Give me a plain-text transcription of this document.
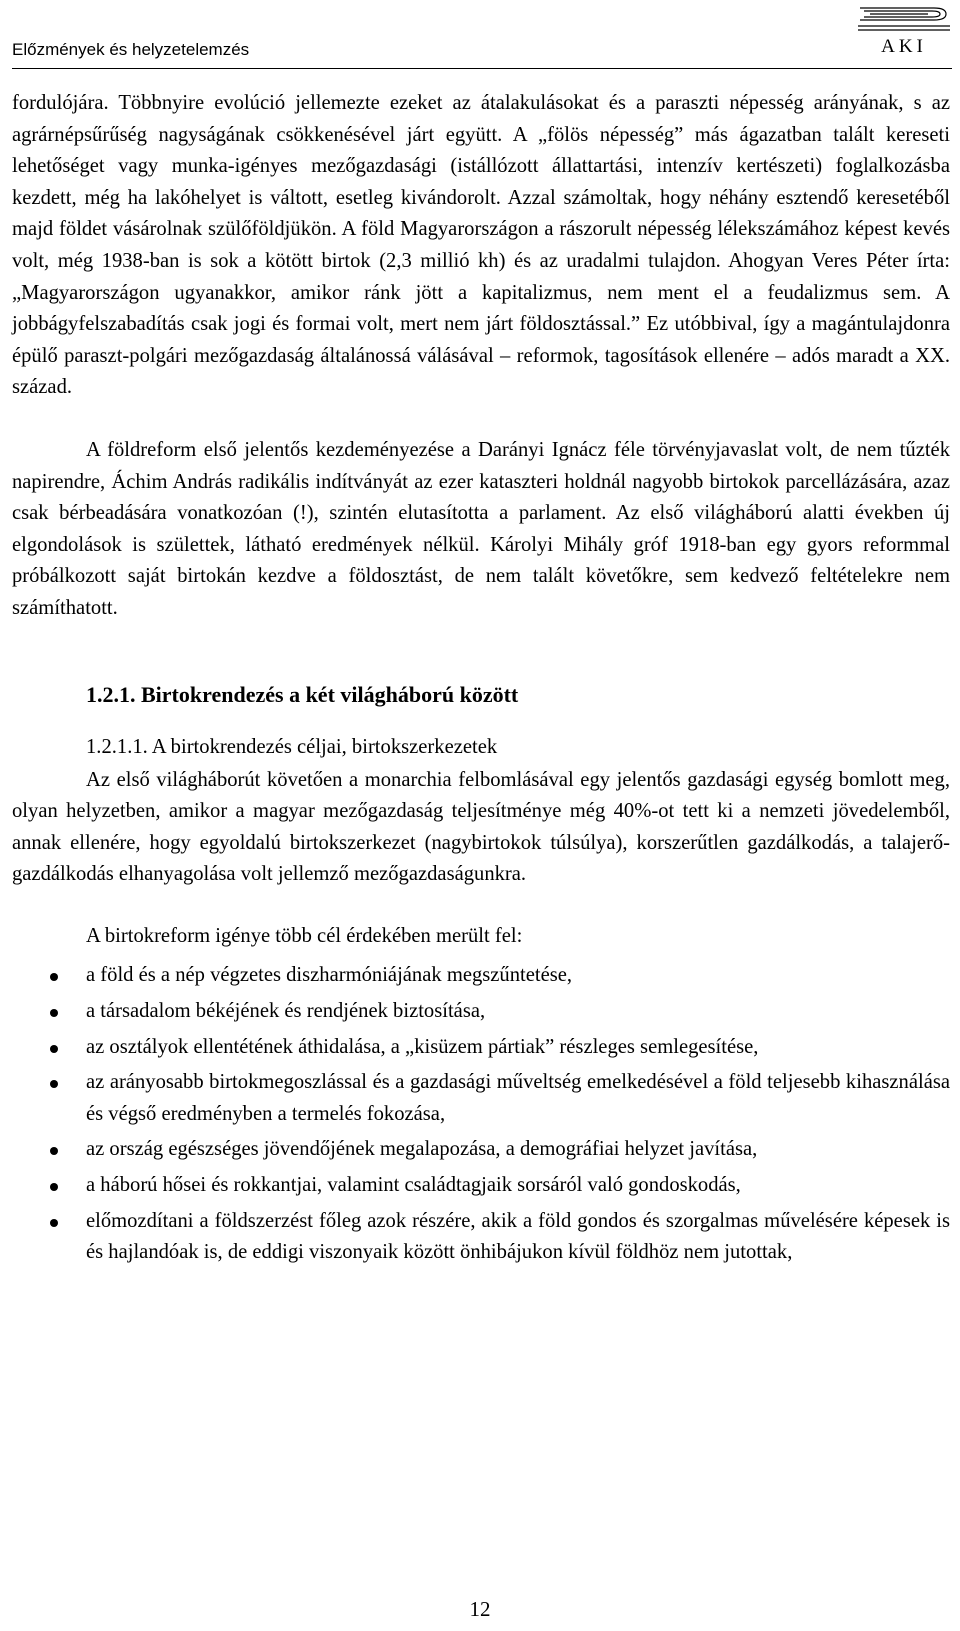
Előzmények és helyzetelemzés	AKI

fordulójára. Többnyire evolúció jellemezte ezeket az átalakulásokat és a paraszti népesség arányának, s az agrárnépsűrűség nagyságának csökkenésével járt együtt. A „fölös népesség” más ágazatban talált kereseti lehetőséget vagy munka-igényes mezőgazdasági (istállózott állattartási, intenzív kertészeti) foglalkozásba kezdett, még ha lakóhelyet is váltott, esetleg kivándorolt. Azzal számoltak, hogy néhány esztendő keresetéből majd földet vásárolnak szülőföldjükön. A föld Magyarországon a rászorult népesség lélekszámához képest kevés volt, még 1938-ban is sok a kötött birtok (2,3 millió kh) és az uradalmi tulajdon. Ahogyan Veres Péter írta: „Magyarországon ugyanakkor, amikor ránk jött a kapitalizmus, nem ment el a feudalizmus sem. A jobbágyfelszabadítás csak jogi és formai volt, mert nem járt földosztással.” Ez utóbbival, így a magántulajdonra épülő paraszt-polgári mezőgazdaság általánossá válásával – reformok, tagosítások ellenére – adós maradt a XX. század.

A földreform első jelentős kezdeményezése a Darányi Ignácz féle törvényjavaslat volt, de nem tűzték napirendre, Áchim András radikális indítványát az ezer kataszteri holdnál nagyobb birtokok parcellázására, azaz csak bérbeadására vonatkozóan (!), szintén elutasította a parlament. Az első világháború alatti években új elgondolások is születtek, látható eredmények nélkül. Károlyi Mihály gróf 1918-ban egy gyors reformmal próbálkozott saját birtokán kezdve a földosztást, de nem talált követőkre, sem kedvező feltételekre nem számíthatott.

1.2.1. Birtokrendezés a két világháború között
1.2.1.1. A birtokrendezés céljai, birtokszerkezetek

Az első világháborút követően a monarchia felbomlásával egy jelentős gazdasági egység bomlott meg, olyan helyzetben, amikor a magyar mezőgazdaság teljesítménye még 40%-ot tett ki a nemzeti jövedelemből, annak ellenére, hogy egyoldalú birtokszerkezet (nagybirtokok túlsúlya), korszerűtlen gazdálkodás, a talajerő-gazdálkodás elhanyagolása volt jellemző mezőgazdaságunkra.

A birtokreform igénye több cél érdekében merült fel:

a föld és a nép végzetes diszharmóniájának megszűntetése,
a társadalom békéjének és rendjének biztosítása,
az osztályok ellentétének áthidalása, a „kisüzem pártiak” részleges semlegesítése,
az arányosabb birtokmegoszlással és a gazdasági műveltség emelkedésével a föld teljesebb kihasználása és végső eredményben a termelés fokozása,
az ország egészséges jövendőjének megalapozása, a demográfiai helyzet javítása,
a háború hősei és rokkantjai, valamint családtagjaik sorsáról való gondoskodás,
előmozdítani a földszerzést főleg azok részére, akik a föld gondos és szorgalmas művelésére képesek is és hajlandóak is, de eddigi viszonyaik között önhibájukon kívül földhöz nem jutottak,
12
